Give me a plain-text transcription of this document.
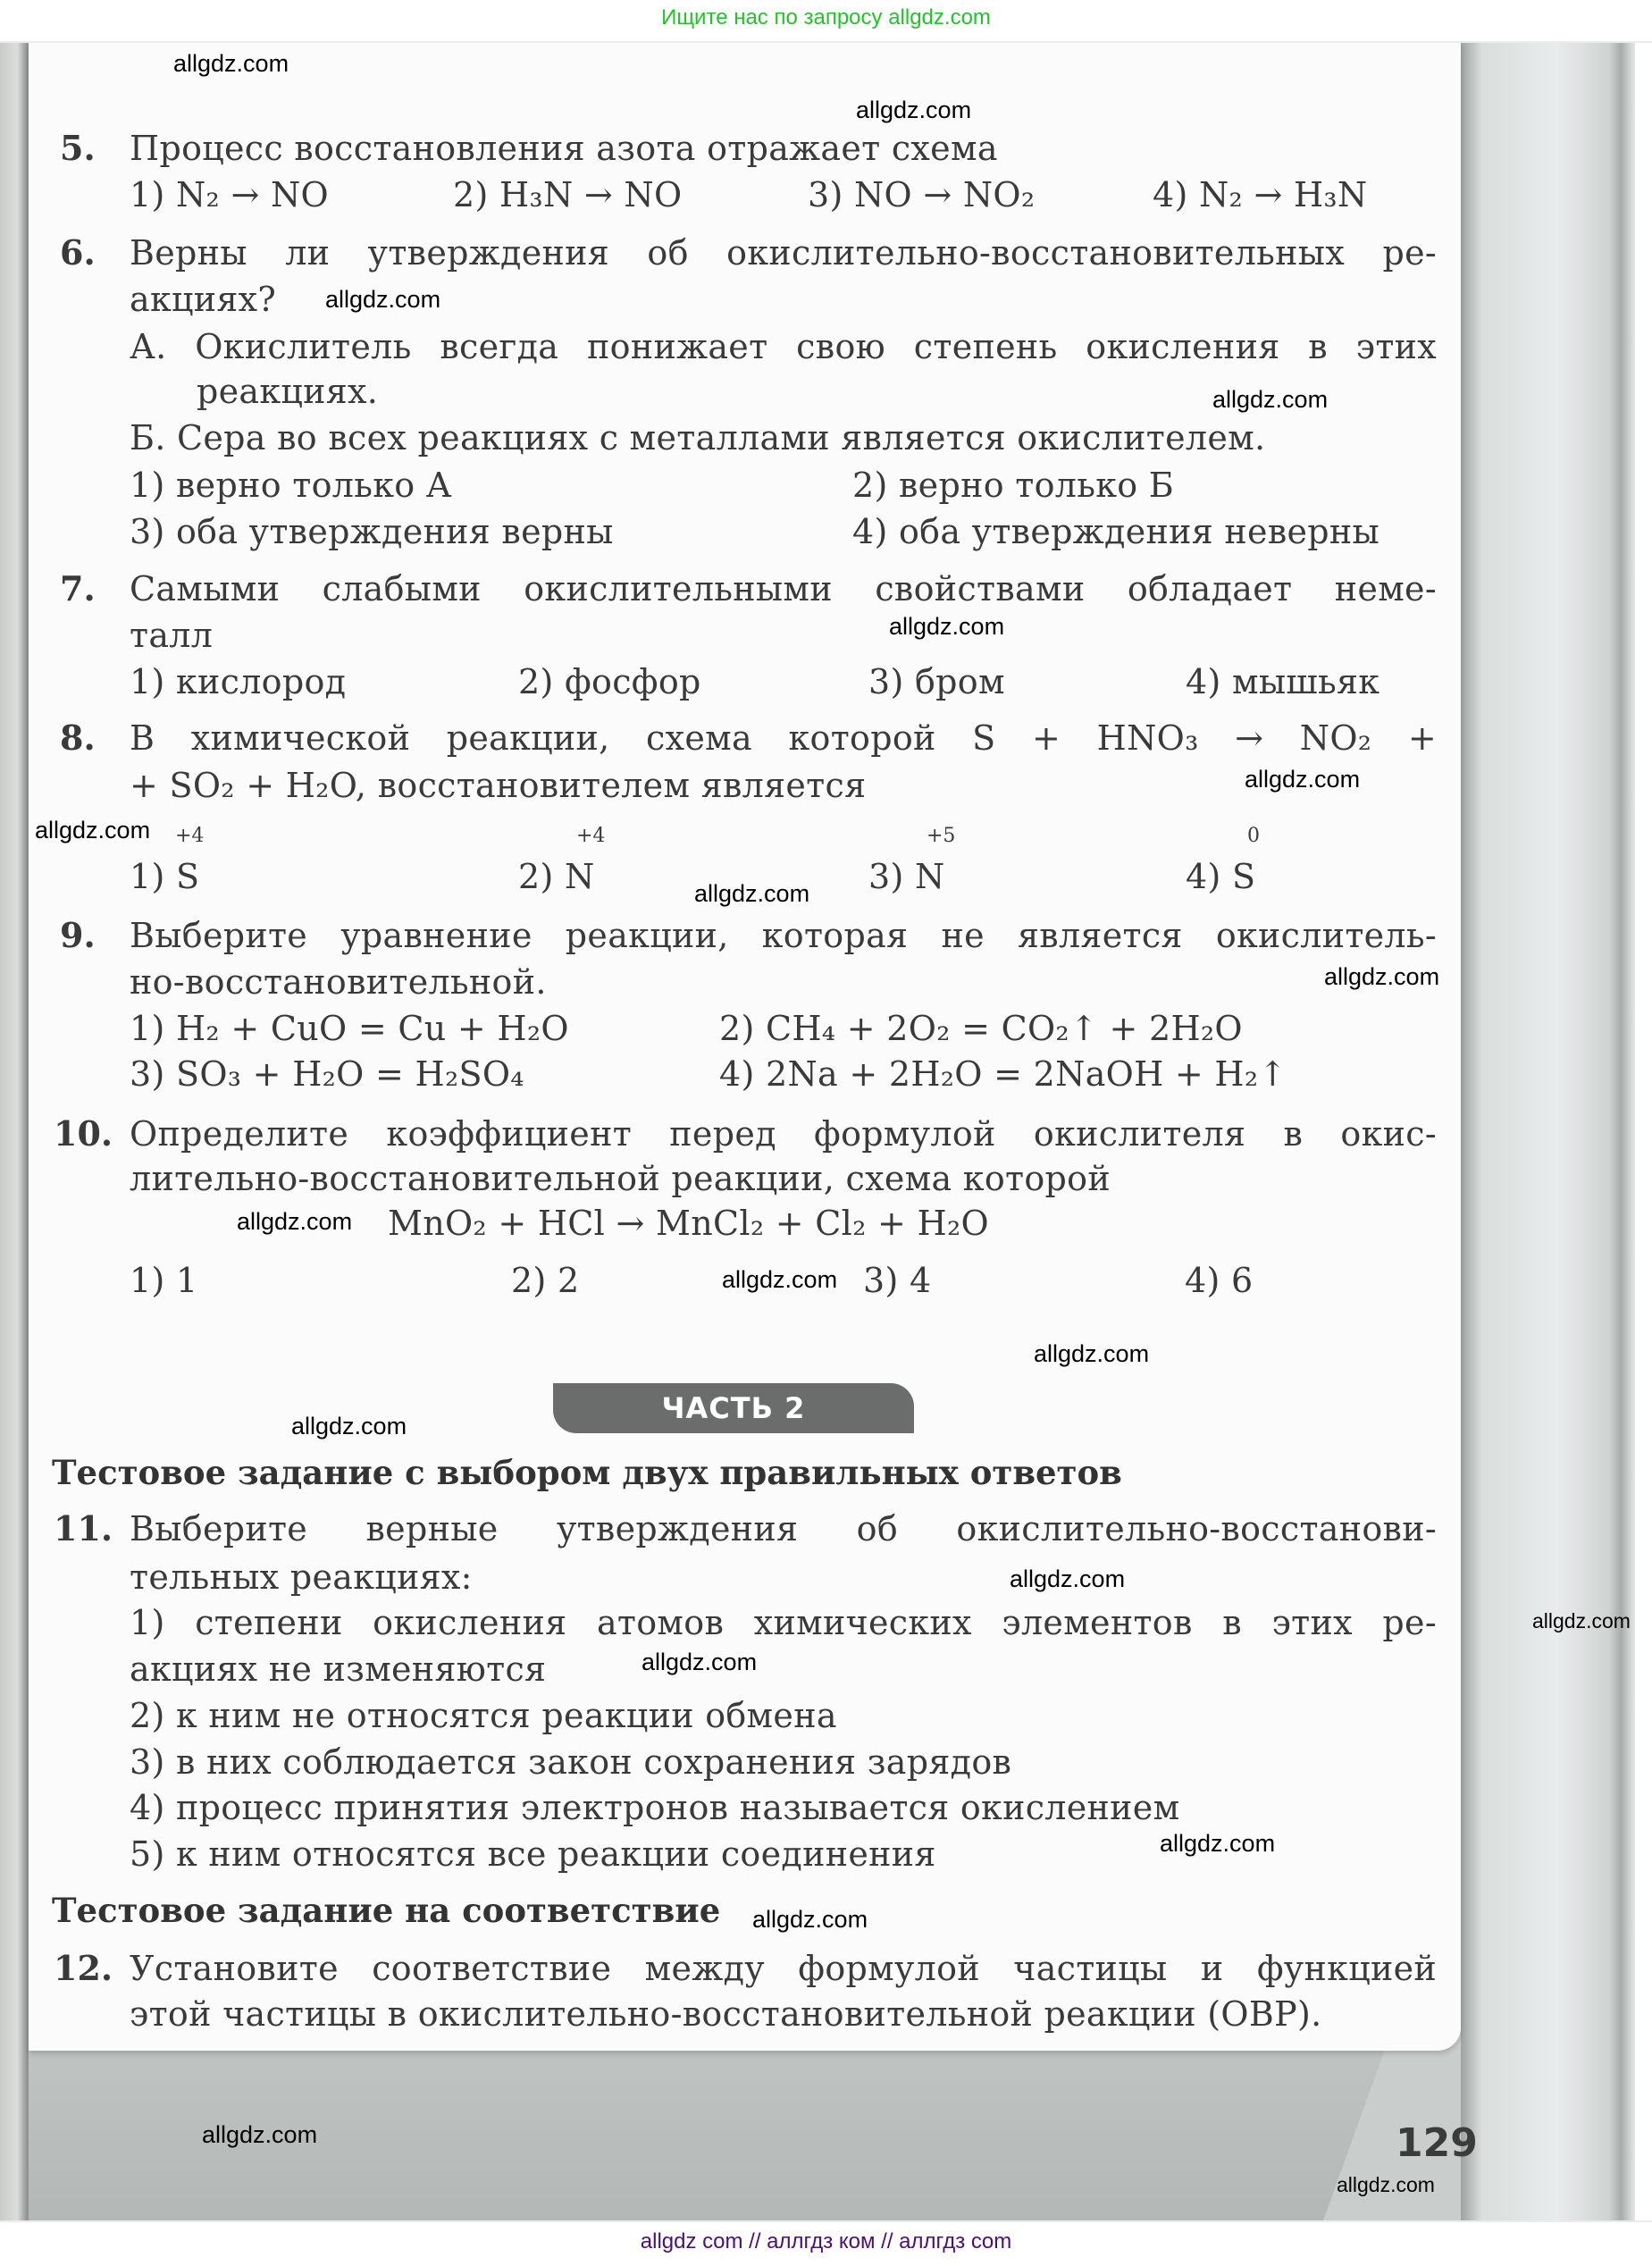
Ищите нас по запросу allgdz.com
5. Процесс восстановления азота отражает схема
1) N₂ → NO	2) H₃N → NO	3) NO → NO₂	4) N₂ → H₃N
6. Верны ли утверждения об окислительно-восстановительных ре-
акциях?
А. Окислитель всегда понижает свою степень окисления в этих
реакциях.
Б. Сера во всех реакциях с металлами является окислителем.
1) верно только А	2) верно только Б
3) оба утверждения верны	4) оба утверждения неверны
7. Самыми слабыми окислительными свойствами обладает неме-
талл
1) кислород	2) фосфор	3) бром	4) мышьяк
8. В химической реакции, схема которой S + HNO₃ → NO₂ +
+ SO₂ + H₂O, восстановителем является
+4
1) S
+4
2) N
+5
3) N
0
4) S
9. Выберите уравнение реакции, которая не является окислитель-
но-восстановительной.
1) H₂ + CuO = Cu + H₂O	2) CH₄ + 2O₂ = CO₂↑ + 2H₂O
3) SO₃ + H₂O = H₂SO₄	4) 2Na + 2H₂O = 2NaOH + H₂↑
10. Определите коэффициент перед формулой окислителя в окис-
лительно-восстановительной реакции, схема которой
MnO₂ + HCl → MnCl₂ + Cl₂ + H₂O
1) 1	2) 2	3) 4	4) 6
ЧАСТЬ 2
Тестовое задание с выбором двух правильных ответов
11. Выберите верные утверждения об окислительно-восстанови-
тельных реакциях:
1) степени окисления атомов химических элементов в этих ре-
акциях не изменяются
2) к ним не относятся реакции обмена
3) в них соблюдается закон сохранения зарядов
4) процесс принятия электронов называется окислением
5) к ним относятся все реакции соединения
Тестовое задание на соответствие
12. Установите соответствие между формулой частицы и функцией
этой частицы в окислительно-восстановительной реакции (ОВР).
129
allgdz.com
allgdz.com
allgdz.com
allgdz.com
allgdz.com
allgdz.com
allgdz.com
allgdz.com
allgdz.com
allgdz.com
allgdz.com
allgdz.com
allgdz.com
allgdz.com
allgdz.com
allgdz.com
allgdz.com
allgdz.com
allgdz.com
allgdz.com
allgdz com // аллгдз ком // аллгдз com
